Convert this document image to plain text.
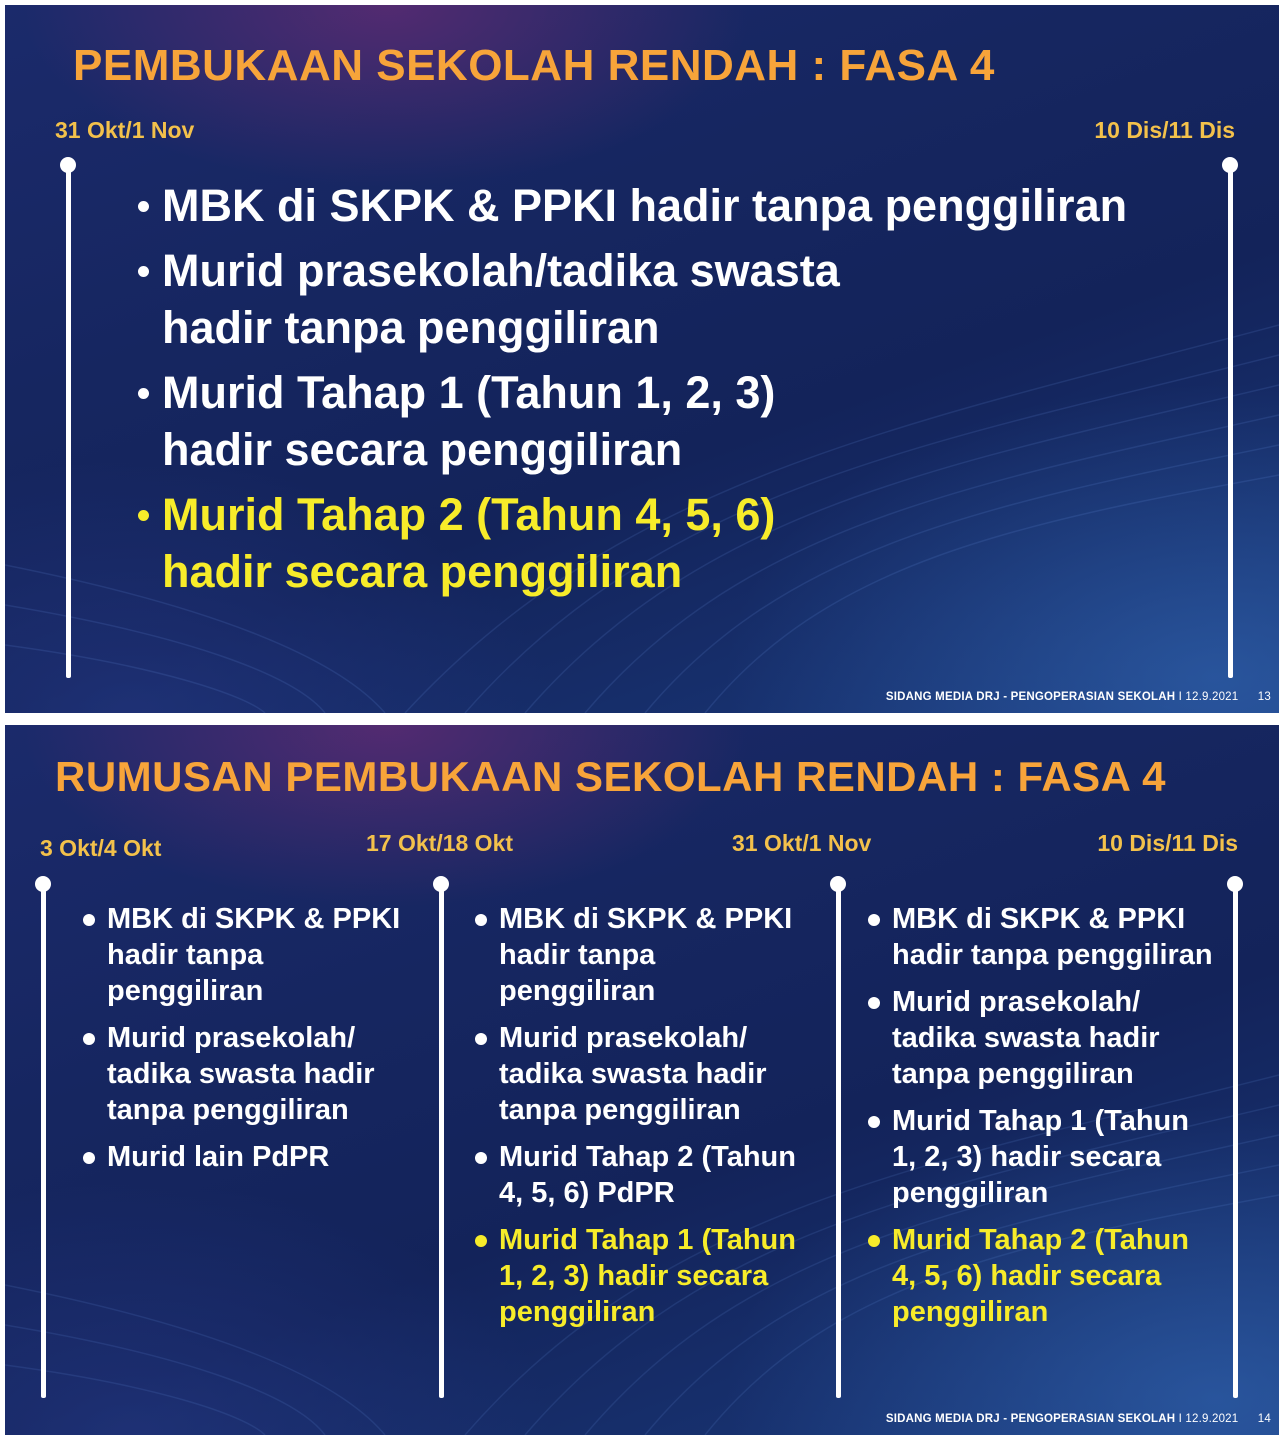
PEMBUKAAN SEKOLAH RENDAH : FASA 4
31 Okt/1 Nov	10 Dis/11 Dis
MBK di SKPK & PPKI hadir tanpa penggiliran
Murid prasekolah/tadika swasta hadir tanpa penggiliran
Murid Tahap 1 (Tahun 1, 2, 3) hadir secara penggiliran
Murid Tahap 2 (Tahun 4, 5, 6) hadir secara penggiliran
SIDANG MEDIA DRJ - PENGOPERASIAN SEKOLAH I 12.9.2021 13
RUMUSAN PEMBUKAAN SEKOLAH RENDAH : FASA 4
3 Okt/4 Okt	17 Okt/18 Okt	31 Okt/1 Nov	10 Dis/11 Dis
MBK di SKPK & PPKI hadir tanpa penggiliran
Murid prasekolah/ tadika swasta hadir tanpa penggiliran
Murid lain PdPR
MBK di SKPK & PPKI hadir tanpa penggiliran
Murid prasekolah/ tadika swasta hadir tanpa penggiliran
Murid Tahap 2 (Tahun 4, 5, 6) PdPR
Murid Tahap 1 (Tahun 1, 2, 3) hadir secara penggiliran
MBK di SKPK & PPKI hadir tanpa penggiliran
Murid prasekolah/ tadika swasta hadir tanpa penggiliran
Murid Tahap 1 (Tahun 1, 2, 3) hadir secara penggiliran
Murid Tahap 2 (Tahun 4, 5, 6) hadir secara penggiliran
SIDANG MEDIA DRJ - PENGOPERASIAN SEKOLAH I 12.9.2021 14
